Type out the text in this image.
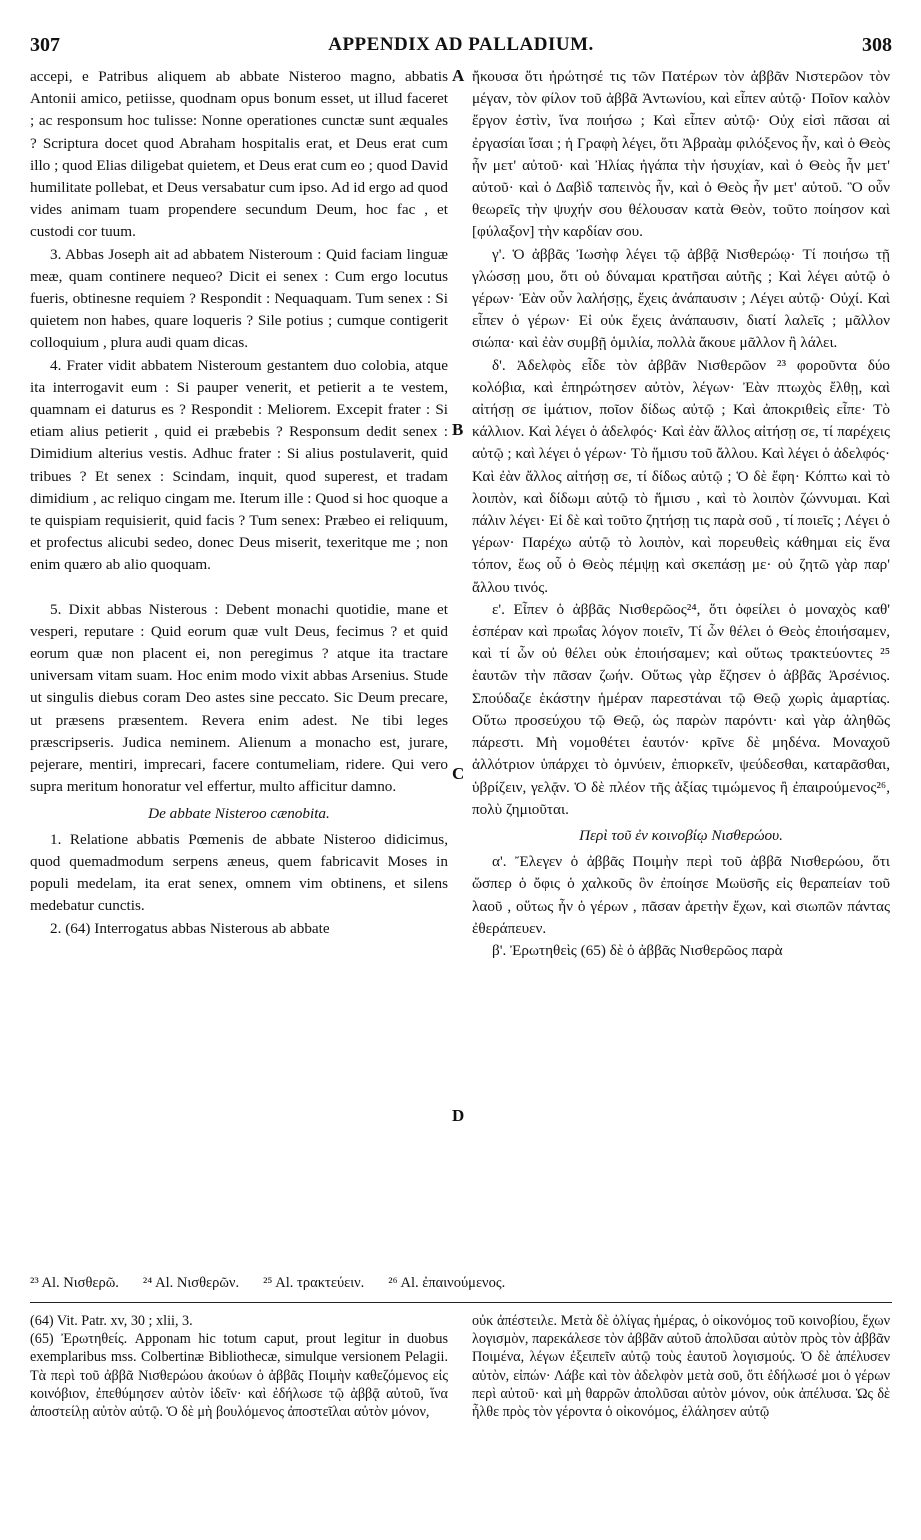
307	APPENDIX AD PALLADIUM.	308

accepi, e Patribus aliquem ab abbate Nisteroo magno, abbatis Antonii amico, petiisse, quodnam opus bonum esset, ut illud faceret ; ac responsum hoc tulisse: Nonne operationes cunctæ sunt æquales ? Scriptura docet quod Abraham hospitalis erat, et Deus erat cum illo ; quod Elias diligebat quietem, et Deus erat cum eo ; quod David humilitate pollebat, et Deus versabatur cum ipso. Ad id ergo ad quod vides animam tuam propendere secundum Deum, hoc fac , et custodi cor tuum.

3. Abbas Joseph ait ad abbatem Nisteroum : Quid faciam linguæ meæ, quam continere nequeo? Dicit ei senex : Cum ergo locutus fueris, obtinesne requiem ? Respondit : Nequaquam. Tum senex : Si quietem non habes, quare loqueris ? Sile potius ; cumque contigerit colloquium , plura audi quam dicas.

4. Frater vidit abbatem Nisteroum gestantem duo colobia, atque ita interrogavit eum : Si pauper venerit, et petierit a te vestem, quamnam ei daturus es ? Respondit : Meliorem. Excepit frater : Si etiam alius petierit , quid ei præbebis ? Responsum dedit senex : Dimidium alterius vestis. Adhuc frater : Si alius postulaverit, quid tribues ? Et senex : Scindam, inquit, quod superest, et tradam dimidium , ac reliquo cingam me. Iterum ille : Quod si hoc quoque a te quispiam requisierit, quid facis ? Tum senex: Præbeo ei reliquum, et profectus alicubi sedeo, donec Deus miserit, texeritque me ; non enim quæro ab alio quoquam.

5. Dixit abbas Nisterous : Debent monachi quotidie, mane et vesperi, reputare : Quid eorum quæ vult Deus, fecimus ? et quid eorum quæ non placent ei, non peregimus ? atque ita tractare universam vitam suam. Hoc enim modo vixit abbas Arsenius. Stude ut singulis diebus coram Deo astes sine peccato. Sic Deum precare, ut præsens præsentem. Revera enim adest. Ne tibi leges præscripseris. Judica neminem. Alienum a monacho est, jurare, pejerare, mentiri, imprecari, facere contumeliam, ridere. Qui vero supra meritum honoratur vel effertur, multo afficitur damno.

De abbate Nisteroo cænobita.

1. Relatione abbatis Pœmenis de abbate Nisteroo didicimus, quod quemadmodum serpens æneus, quem fabricavit Moses in populi medelam, ita erat senex, omnem vim obtinens, et silens medebatur cunctis.

2. (64) Interrogatus abbas Nisterous ab abbate

ἤκουσα ὅτι ἠρώτησέ τις τῶν Πατέρων τὸν ἀββᾶν Νιστερῶον τὸν μέγαν, τὸν φίλον τοῦ ἀββᾶ Ἀντωνίου, καὶ εἶπεν αὐτῷ· Ποῖον καλὸν ἔργον ἐστὶν, ἵνα ποιήσω ; Καὶ εἶπεν αὐτῷ· Οὐχ εἰσὶ πᾶσαι αἱ ἐργασίαι ἴσαι ; ἡ Γραφὴ λέγει, ὅτι Ἀβραὰμ φιλόξενος ἦν, καὶ ὁ Θεὸς ἦν μετ' αὐτοῦ· καὶ Ἠλίας ἠγάπα τὴν ἡσυχίαν, καὶ ὁ Θεὸς ἦν μετ' αὐτοῦ· καὶ ὁ Δαβὶδ ταπεινὸς ἦν, καὶ ὁ Θεὸς ἦν μετ' αὐτοῦ. Ὃ οὖν θεωρεῖς τὴν ψυχήν σου θέλουσαν κατὰ Θεὸν, τοῦτο ποίησον καὶ [φύλαξον] τὴν καρδίαν σου.

γ'. Ὁ ἀββᾶς Ἰωσὴφ λέγει τῷ ἀββᾷ Νισθερώῳ· Τί ποιήσω τῇ γλώσσῃ μου, ὅτι οὐ δύναμαι κρατῆσαι αὐτῆς ; Καὶ λέγει αὐτῷ ὁ γέρων· Ἐὰν οὖν λαλήσῃς, ἔχεις ἀνάπαυσιν ; Λέγει αὐτῷ· Οὐχί. Καὶ εἶπεν ὁ γέρων· Εἰ οὐκ ἔχεις ἀνάπαυσιν, διατί λαλεῖς ; μᾶλλον σιώπα· καὶ ἐὰν συμβῇ ὁμιλία, πολλὰ ἄκουε μᾶλλον ἢ λάλει.

δ'. Ἀδελφὸς εἶδε τὸν ἀββᾶν Νισθερῶον ²³ φοροῦντα δύο κολόβια, καὶ ἐπηρώτησεν αὐτὸν, λέγων· Ἐὰν πτωχὸς ἔλθῃ, καὶ αἰτήσῃ σε ἱμάτιον, ποῖον δίδως αὐτῷ ; Καὶ ἀποκριθεὶς εἶπε· Τὸ κάλλιον. Καὶ λέγει ὁ ἀδελφός· Καὶ ἐὰν ἄλλος αἰτήσῃ σε, τί παρέχεις αὐτῷ ; καὶ λέγει ὁ γέρων· Τὸ ἥμισυ τοῦ ἄλλου. Καὶ λέγει ὁ ἀδελφός· Καὶ ἐὰν ἄλλος αἰτήσῃ σε, τί δίδως αὐτῷ ; Ὁ δὲ ἔφη· Κόπτω καὶ τὸ λοιπὸν, καὶ δίδωμι αὐτῷ τὸ ἥμισυ , καὶ τὸ λοιπὸν ζώννυμαι. Καὶ πάλιν λέγει· Εἰ δὲ καὶ τοῦτο ζητήσῃ τις παρὰ σοῦ , τί ποιεῖς ; Λέγει ὁ γέρων· Παρέχω αὐτῷ τὸ λοιπὸν, καὶ πορευθεὶς κάθημαι εἰς ἕνα τόπον, ἕως οὗ ὁ Θεὸς πέμψῃ καὶ σκεπάσῃ με· οὐ ζητῶ γὰρ παρ' ἄλλου τινός.

ε'. Εἶπεν ὁ ἀββᾶς Νισθερῶος²⁴, ὅτι ὀφείλει ὁ μοναχὸς καθ' ἑσπέραν καὶ πρωΐας λόγον ποιεῖν, Τί ὧν θέλει ὁ Θεὸς ἐποιήσαμεν, καὶ τί ὧν οὐ θέλει οὐκ ἐποιήσαμεν; καὶ οὕτως τρακτεύοντες ²⁵ ἑαυτῶν τὴν πᾶσαν ζωήν. Οὕτως γὰρ ἔζησεν ὁ ἀββᾶς Ἀρσένιος. Σπούδαζε ἑκάστην ἡμέραν παρεστάναι τῷ Θεῷ χωρὶς ἁμαρτίας. Οὕτω προσεύχου τῷ Θεῷ, ὡς παρὼν παρόντι· καὶ γὰρ ἀληθῶς πάρεστι. Μὴ νομοθέτει ἑαυτόν· κρῖνε δὲ μηδένα. Μοναχοῦ ἀλλότριον ὑπάρχει τὸ ὀμνύειν, ἐπιορκεῖν, ψεύδεσθαι, καταρᾶσθαι, ὑβρίζειν, γελᾷν. Ὁ δὲ πλέον τῆς ἀξίας τιμώμενος ἢ ἐπαιρούμενος²⁶, πολὺ ζημιοῦται.

Περὶ τοῦ ἐν κοινοβίῳ Νισθερώου.

α'. Ἔλεγεν ὁ ἀββᾶς Ποιμὴν περὶ τοῦ ἀββᾶ Νισθερώου, ὅτι ὥσπερ ὁ ὄφις ὁ χαλκοῦς ὃν ἐποίησε Μωϋσῆς εἰς θεραπείαν τοῦ λαοῦ , οὕτως ἦν ὁ γέρων , πᾶσαν ἀρετὴν ἔχων, καὶ σιωπῶν πάντας ἐθεράπευεν.

β'. Ἐρωτηθεὶς (65) δὲ ὁ ἀββᾶς Νισθερῶος παρὰ

A
B
C
D
²³ Al. Νισθερῶ. ²⁴ Al. Νισθερῶν. ²⁵ Al. τρακτεύειν. ²⁶ Al. ἐπαινούμενος.

(64) Vit. Patr. xv, 30 ; xlii, 3.
(65) Ἐρωτηθείς. Apponam hic totum caput, prout legitur in duobus exemplaribus mss. Colbertinæ Bibliothecæ, simulque versionem Pelagii. Τὰ περὶ τοῦ ἀββᾶ Νισθερώου ἀκούων ὁ ἀββᾶς Ποιμὴν καθεζόμενος εἰς κοινόβιον, ἐπεθύμησεν αὐτὸν ἰδεῖν· καὶ ἐδήλωσε τῷ ἀββᾷ αὐτοῦ, ἵνα ἀποστείλῃ αὐτὸν αὐτῷ. Ὁ δὲ μὴ βουλόμενος ἀποστεῖλαι αὐτὸν μόνον,

οὐκ ἀπέστειλε. Μετὰ δὲ ὀλίγας ἡμέρας, ὁ οἰκονόμος τοῦ κοινοβίου, ἔχων λογισμὸν, παρεκάλεσε τὸν ἀββᾶν αὐτοῦ ἀπολῦσαι αὐτὸν πρὸς τὸν ἀββᾶν Ποιμένα, λέγων ἐξειπεῖν αὐτῷ τοὺς ἑαυτοῦ λογισμούς. Ὁ δὲ ἀπέλυσεν αὐτὸν, εἰπών· Λάβε καὶ τὸν ἀδελφὸν μετὰ σοῦ, ὅτι ἐδήλωσέ μοι ὁ γέρων περὶ αὐτοῦ· καὶ μὴ θαρρῶν ἀπολῦσαι αὐτὸν μόνον, οὐκ ἀπέλυσα. Ὡς δὲ ἦλθε πρὸς τὸν γέροντα ὁ οἰκονόμος, ἐλάλησεν αὐτῷ
